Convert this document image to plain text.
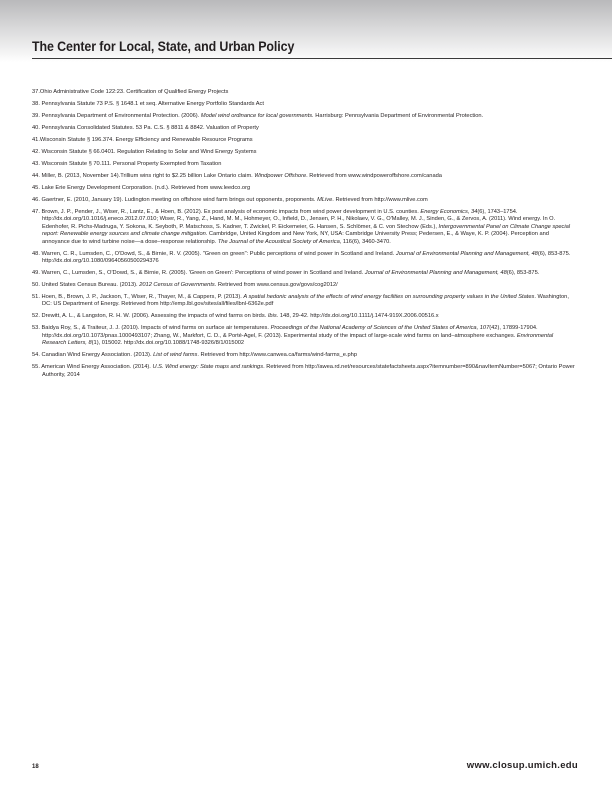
The Center for Local, State, and Urban Policy
37.Ohio Administrative Code 122:23. Certification of Qualified Energy Projects
38. Pennsylvania Statute 73 P.S. § 1648.1 et seq. Alternative Energy Portfolio Standards Act
39. Pennsylvania Department of Environmental Protection. (2006). Model wind ordinance for local governments. Harrisburg: Pennsylvania Department of Environmental Protection.
40. Pennsylvania Consolidated Statutes. 53 Pa. C.S. § 8811 & 8842. Valuation of Property
41.Wisconsin Statute § 196.374. Energy Efficiency and Renewable Resource Programs
42. Wisconsin Statute § 66.0401. Regulation Relating to Solar and Wind Energy Systems
43. Wisconsin Statute § 70.111. Personal Property Exempted from Taxation
44. Miller, B. (2013, November 14).Trillium wins right to $2.25 billion Lake Ontario claim. Windpower Offshore. Retrieved from www.windpoweroffshore.com/canada
45. Lake Erie Energy Development Corporation. (n.d.). Retrieved from www.leedco.org
46. Gaertner, E. (2010, January 19). Ludington meeting on offshore wind farm brings out opponents, proponents. MLive. Retrieved from http://www.mlive.com
47. Brown, J. P., Pender, J., Wiser, R., Lantz, E., & Hoen, B. (2012). Ex post analysis of economic impacts from wind power development in U.S. counties. Energy Economics, 34(6), 1743–1754. http://dx.doi.org/10.1016/j.eneco.2012.07.010; Wiser, R., Yang, Z., Hand, M. M., Hohmeyer, O., Infield, D., Jensen, P. H., Nikolaev, V. G., O'Malley, M. J., Sinden, G., & Zervos, A. (2011). Wind energy. In O. Edenhofer, R. Pichs-Madruga, Y. Sokona, K. Seyboth, P. Matschoss, S. Kadner, T. Zwickel, P. Eickemeier, G. Hansen, S. Schlömer, & C. von Stechow (Eds.), Intergovernmental Panel on Climate Change special report: Renewable energy sources and climate change mitigation. Cambridge, United Kingdom and New York, NY, USA: Cambridge University Press; Pedersen, E., & Waye, K. P. (2004). Perception and annoyance due to wind turbine noise—a dose–response relationship. The Journal of the Acoustical Society of America, 116(6), 3460-3470.
48. Warren, C. R., Lumsden, C., O'Dowd, S., & Birnie, R. V. (2005). "Green on green": Public perceptions of wind power in Scotland and Ireland. Journal of Environmental Planning and Management, 48(6), 853-875. http://dx.doi.org/10.1080/09640560500294376
49. Warren, C., Lumsden, S., O'Dowd, S., & Birnie, R. (2005). 'Green on Green': Perceptions of wind power in Scotland and Ireland. Journal of Environmental Planning and Management, 48(6), 853-875.
50. United States Census Bureau. (2013). 2012 Census of Governments. Retrieved from www.census.gov/govs/cog2012/
51. Hoen, B., Brown, J. P., Jackson, T., Wiser, R., Thayer, M., & Cappers, P. (2013). A spatial hedonic analysis of the effects of wind energy facilities on surrounding property values in the United States. Washington, DC: US Department of Energy. Retrieved from http://emp.lbl.gov/sites/all/files/lbnl-6362e.pdf
52. Drewitt, A. L., & Langston, R. H. W. (2006). Assessing the impacts of wind farms on birds. Ibis. 148, 29-42. http://dx.doi.org/10.1111/j.1474-919X.2006.00516.x
53. Baidya Roy, S., & Traiteur, J. J. (2010). Impacts of wind farms on surface air temperatures. Proceedings of the National Academy of Sciences of the United States of America, 107(42), 17899-17904. http://dx.doi.org/10.1073/pnas.1000493107; Zhang, W., Markfort, C. D., & Porté-Agel, F. (2013). Experimental study of the impact of large-scale wind farms on land–atmosphere exchanges. Environmental Research Letters, 8(1), 015002. http://dx.doi.org/10.1088/1748-9326/8/1/015002
54. Canadian Wind Energy Association. (2013). List of wind farms. Retrieved from http://www.canwea.ca/farms/wind-farms_e.php
55. American Wind Energy Association. (2014). U.S. Wind energy: State maps and rankings. Retrieved from http://awea.rd.net/resources/statefactsheets.aspx?itemnumber=890&navItemNumber=5067; Ontario Power Authority, 2014
18	www.closup.umich.edu
